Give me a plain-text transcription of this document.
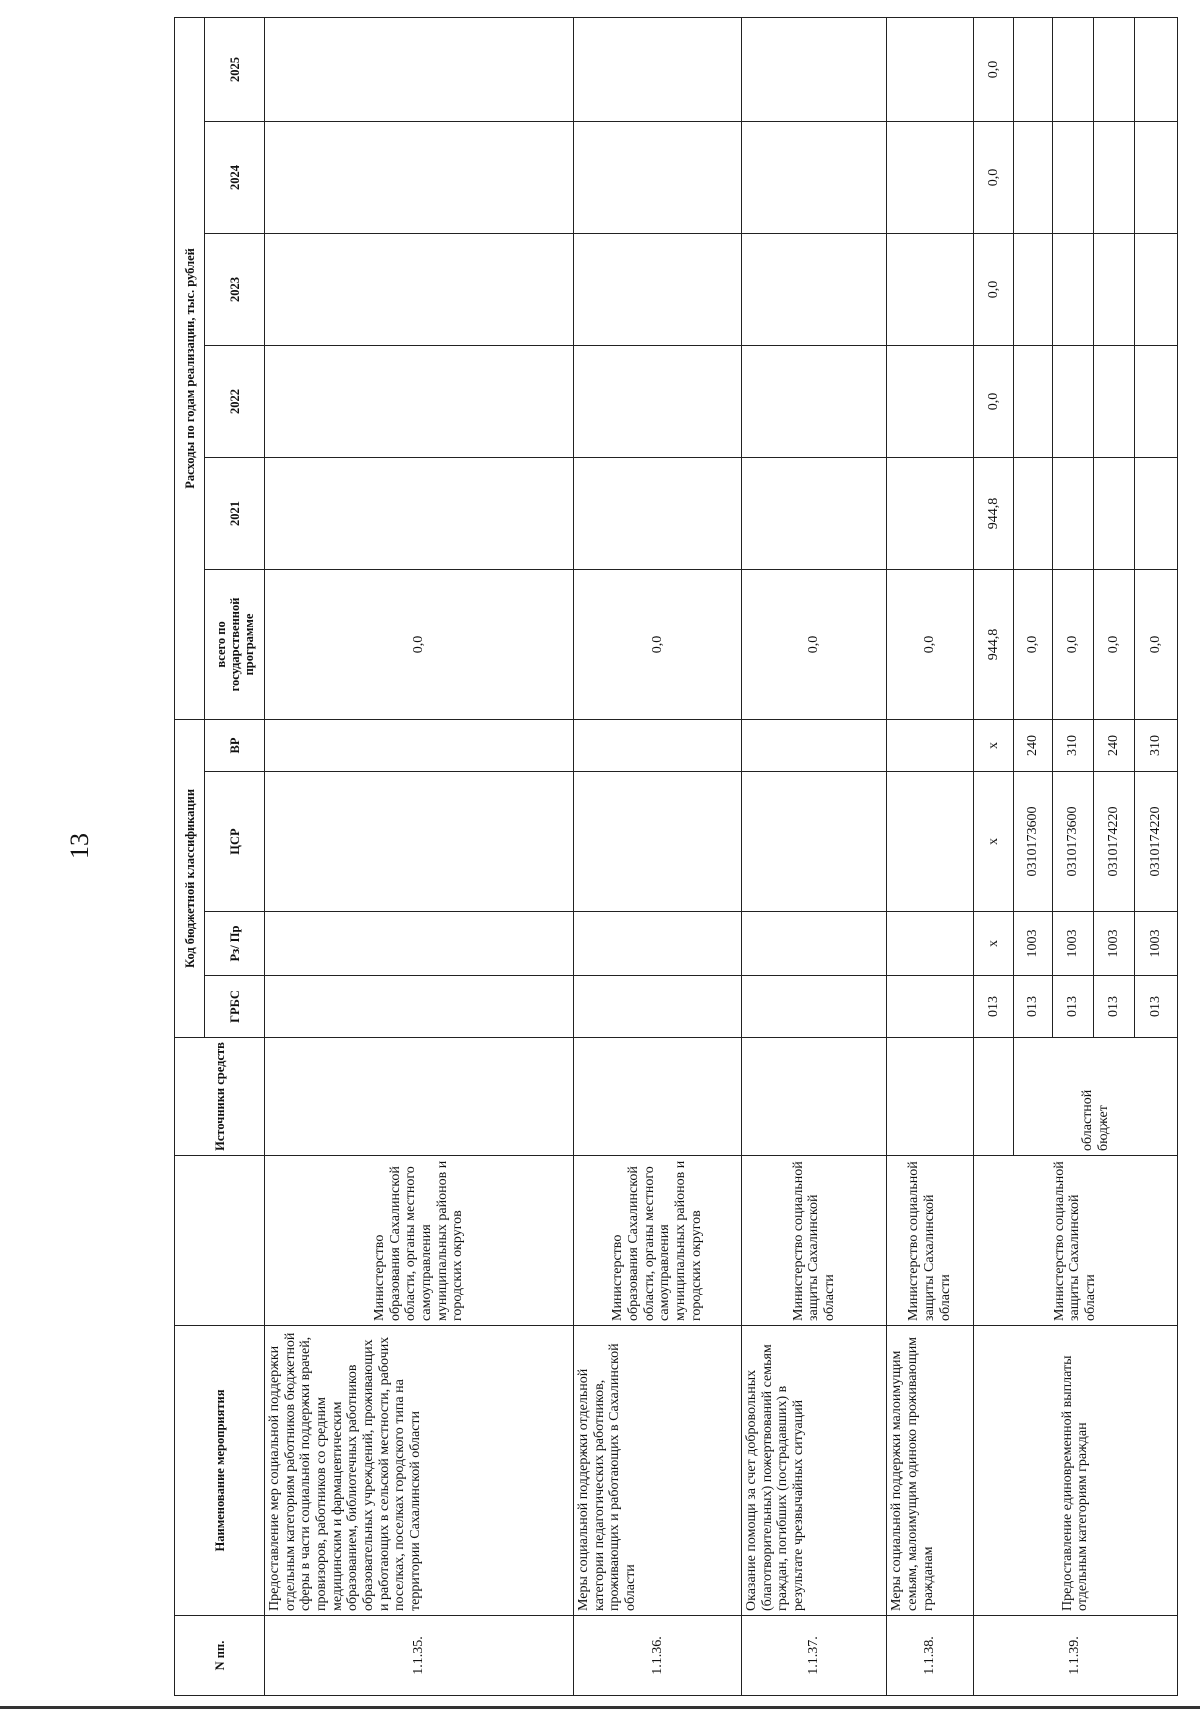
13
N пп.	Наименование мероприятия		Источники средств	Код бюджетной классификации				Расходы по годам реализации, тыс. рублей					
				ГРБС	Рз/ Пр	ЦСР	ВР	всего по государственной программе	2021	2022	2023	2024	2025
1.1.35.	Предоставление мер социальной поддержки отдельным категориям работников бюджетной сферы в части социальной поддержки врачей, провизоров, работников со средним медицинским и фармацевтическим образованием, библиотечных работников образовательных учреждений, проживающих и работающих в сельской местности, рабочих поселках, поселках городского типа на территории Сахалинской области	Министерство образования Сахалинской области, органы местного самоуправления муниципальных районов и городских округов						0,0					
1.1.36.	Меры социальной поддержки отдельной категории педагогических работников, проживающих и работающих в Сахалинской области	Министерство образования Сахалинской области, органы местного самоуправления муниципальных районов и городских округов						0,0					
1.1.37.	Оказание помощи за счет добровольных (благотворительных) пожертвований семьям граждан, погибших (пострадавших) в результате чрезвычайных ситуаций	Министерство социальной защиты Сахалинской области						0,0					
1.1.38.	Меры социальной поддержки малоимущим семьям, малоимущим одиноко проживающим гражданам	Министерство социальной защиты Сахалинской области						0,0					
1.1.39.	Предоставление единовременной выплаты отдельным категориям граждан	Министерство социальной защиты Сахалинской области		013	x	x	x	944,8	944,8	0,0	0,0	0,0	0,0
			областной бюджет	013	1003	0310173600	240	0,0					
				013	1003	0310173600	310	0,0					
				013	1003	0310174220	240	0,0					
				013	1003	0310174220	310	0,0					
